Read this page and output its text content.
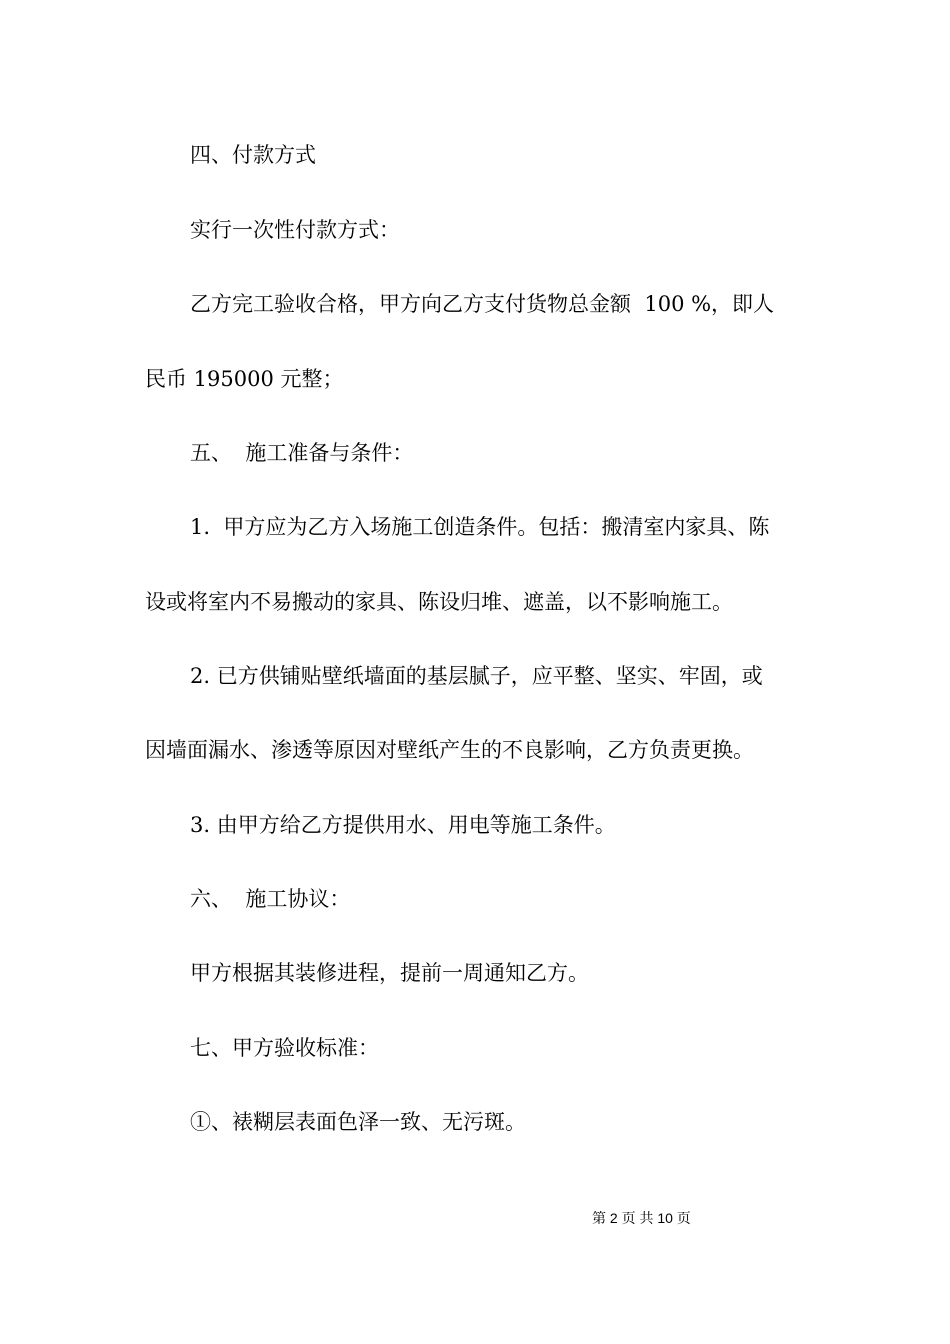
四、付款方式
实行一次性付款方式：
乙方完工验收合格，甲方向乙方支付货物总金额  100 %，即人
民币 195000 元整；
五、  施工准备与条件：
1.  甲方应为乙方入场施工创造条件。包括：搬清室内家具、陈
设或将室内不易搬动的家具、陈设归堆、遮盖，以不影响施工。
2. 已方供铺贴壁纸墙面的基层腻子，应平整、坚实、牢固，或
因墙面漏水、渗透等原因对壁纸产生的不良影响，乙方负责更换。
3. 由甲方给乙方提供用水、用电等施工条件。
六、  施工协议：
甲方根据其装修进程，提前一周通知乙方。
七、甲方验收标准：
①、裱糊层表面色泽一致、无污斑。
第 2 页 共 10 页
